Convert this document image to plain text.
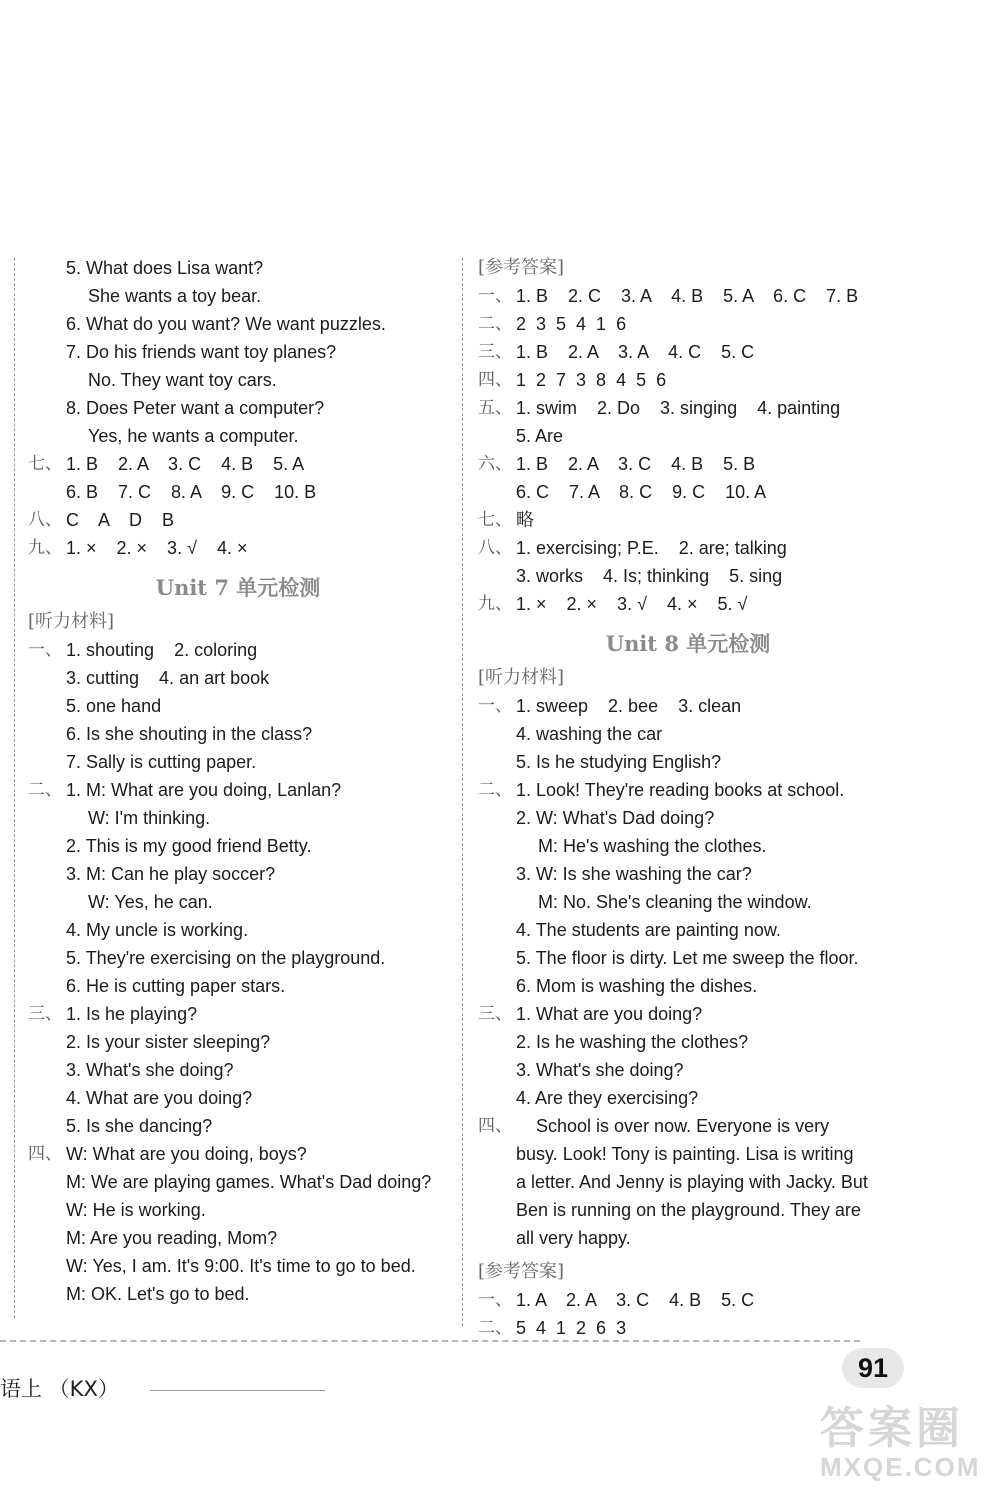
5. What does Lisa want?
She wants a toy bear.
6. What do you want? We want puzzles.
7. Do his friends want toy planes?
No. They want toy cars.
8. Does Peter want a computer?
Yes, he wants a computer.
七、 1. B    2. A    3. C    4. B    5. A
6. B    7. C    8. A    9. C    10. B
八、 C    A    D    B
九、 1. ×    2. ×    3. √    4. ×
Unit 7 单元检测
[听力材料]
一、 1. shouting    2. coloring
3. cutting    4. an art book
5. one hand
6. Is she shouting in the class?
7. Sally is cutting paper.
二、 1. M: What are you doing, Lanlan?
W: I'm thinking.
2. This is my good friend Betty.
3. M: Can he play soccer?
W: Yes, he can.
4. My uncle is working.
5. They're exercising on the playground.
6. He is cutting paper stars.
三、 1. Is he playing?
2. Is your sister sleeping?
3. What's she doing?
4. What are you doing?
5. Is she dancing?
四、 W: What are you doing, boys?
M: We are playing games. What's Dad doing?
W: He is working.
M: Are you reading, Mom?
W: Yes, I am. It's 9:00. It's time to go to bed.
M: OK. Let's go to bed.
[参考答案]
一、 1. B    2. C    3. A    4. B    5. A    6. C    7. B
二、 2  3  5  4  1  6
三、 1. B    2. A    3. A    4. C    5. C
四、 1  2  7  3  8  4  5  6
五、 1. swim    2. Do    3. singing    4. painting
5. Are
六、 1. B    2. A    3. C    4. B    5. B
6. C    7. A    8. C    9. C    10. A
七、 略
八、 1. exercising; P.E.    2. are; talking
3. works    4. Is; thinking    5. sing
九、 1. ×    2. ×    3. √    4. ×    5. √
Unit 8 单元检测
[听力材料]
一、 1. sweep    2. bee    3. clean
4. washing the car
5. Is he studying English?
二、 1. Look! They're reading books at school.
2. W: What's Dad doing?
M: He's washing the clothes.
3. W: Is she washing the car?
M: No. She's cleaning the window.
4. The students are painting now.
5. The floor is dirty. Let me sweep the floor.
6. Mom is washing the dishes.
三、 1. What are you doing?
2. Is he washing the clothes?
3. What's she doing?
4. Are they exercising?
四、 School is over now. Everyone is very
busy. Look! Tony is painting. Lisa is writing
a letter. And Jenny is playing with Jacky. But
Ben is running on the playground. They are
all very happy.
[参考答案]
一、 1. A    2. A    3. C    4. B    5. C
二、 5  4  1  2  6  3
语上 （KX）
91
答案圈
MXQE.COM
